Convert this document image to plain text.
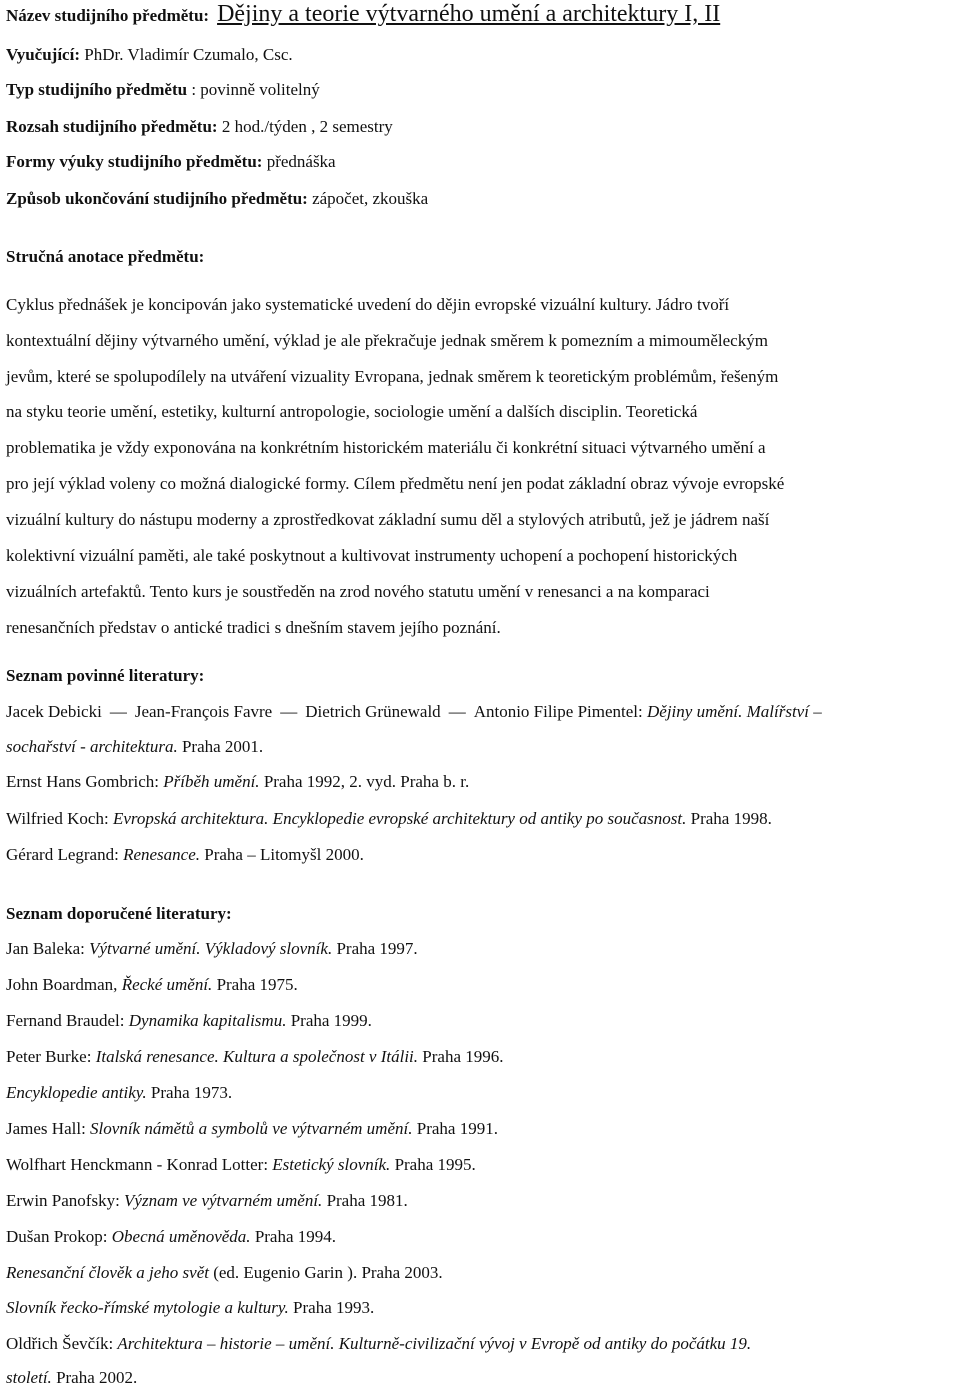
Název studijního předmětu: Dějiny a teorie výtvarného umění a architektury I, II
Vyučující: PhDr. Vladimír Czumalo, Csc.
Typ studijního předmětu : povinně volitelný
Rozsah studijního předmětu: 2 hod./týden , 2 semestry
Formy výuky studijního předmětu: přednáška
Způsob ukončování studijního předmětu: zápočet, zkouška
Stručná anotace předmětu:
Cyklus přednášek je koncipován jako systematické uvedení do dějin evropské vizuální kultury. Jádro tvoří
kontextuální dějiny výtvarného umění, výklad je ale překračuje jednak směrem k pomezním a mimouměleckým
jevům, které se spolupodílely na utváření vizuality Evropana, jednak směrem k teoretickým problémům, řešeným
na styku teorie umění, estetiky, kulturní antropologie, sociologie umění a dalších disciplin. Teoretická
problematika je vždy exponována na konkrétním historickém materiálu či konkrétní situaci výtvarného umění a
pro její výklad voleny co možná dialogické formy. Cílem předmětu není jen podat základní obraz vývoje evropské
vizuální kultury do nástupu moderny a zprostředkovat základní sumu děl a stylových atributů, jež je jádrem naší
kolektivní vizuální paměti, ale také poskytnout a kultivovat instrumenty uchopení a pochopení historických
vizuálních artefaktů. Tento kurs je soustředěn na zrod nového statutu umění v renesanci a na komparaci
renesančních představ o antické tradici s dnešním stavem jejího poznání.
Seznam povinné literatury:
Jacek Debicki — Jean-François Favre — Dietrich Grünewald — Antonio Filipe Pimentel: Dějiny umění. Malířství –
sochařství - architektura. Praha 2001.
Ernst Hans Gombrich: Příběh umění. Praha 1992, 2. vyd. Praha b. r.
Wilfried Koch: Evropská architektura. Encyklopedie evropské architektury od antiky po současnost. Praha 1998.
Gérard Legrand: Renesance. Praha – Litomyšl 2000.
Seznam doporučené literatury:
Jan Baleka: Výtvarné umění. Výkladový slovník. Praha 1997.
John Boardman, Řecké umění. Praha 1975.
Fernand Braudel: Dynamika kapitalismu. Praha 1999.
Peter Burke: Italská renesance. Kultura a společnost v Itálii. Praha 1996.
Encyklopedie antiky. Praha 1973.
James Hall: Slovník námětů a symbolů ve výtvarném umění. Praha 1991.
Wolfhart Henckmann - Konrad Lotter: Estetický slovník. Praha 1995.
Erwin Panofsky: Význam ve výtvarném umění. Praha 1981.
Dušan Prokop: Obecná uměnověda. Praha 1994.
Renesanční člověk a jeho svět (ed. Eugenio Garin ). Praha 2003.
Slovník řecko-římské mytologie a kultury. Praha 1993.
Oldřich Ševčík: Architektura – historie – umění. Kulturně-civilizační vývoj v Evropě od antiky do počátku 19.
století. Praha 2002.
